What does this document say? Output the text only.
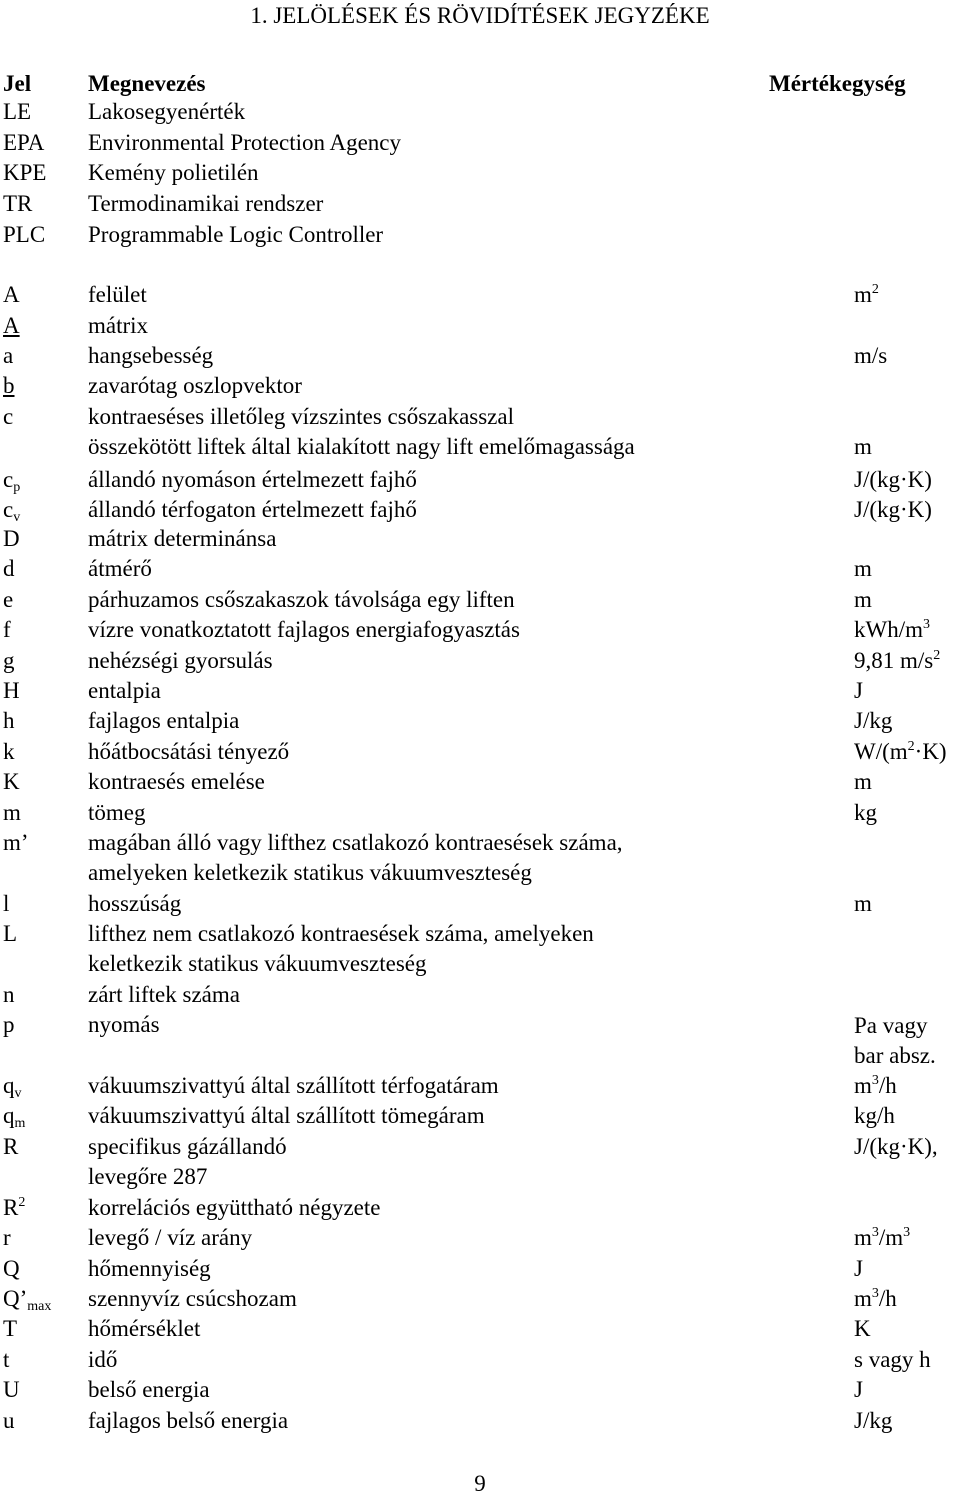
1. JELÖLÉSEK ÉS RÖVIDÍTÉSEK JEGYZÉKE
Jel Megnevezés	Mértékegység
LE Lakosegyenérték
EPA Environmental Protection Agency
KPE Kemény polietilén
TR Termodinamikai rendszer
PLC Programmable Logic Controller
A	felület	$m^2$
A	mátrix
a	hangsebesség	m/s
b	zavarótag oszlopvektor
c	kontraeséses illetőleg vízszintes csőszakasszal
összekötött liftek által kialakított nagy lift emelőmagassága	m
$c_p$	állandó nyomáson értelmezett fajhő	J/(kg·K)
$c_v$	állandó térfogaton értelmezett fajhő	J/(kg·K)
D	mátrix determinánsa
d	átmérő	m
e	párhuzamos csőszakaszok távolsága egy liften	m
f	vízre vonatkoztatott fajlagos energiafogyasztás	kWh/$m^3$
g	nehézségi gyorsulás	9,81 $m/s^2$
H	entalpia	J
h	fajlagos entalpia	J/kg
k	hőátbocsátási tényező	$W/(m^2\cdot K)$
K	kontraesés emelése	m
m	tömeg	kg
m’	magában álló vagy lifthez csatlakozó kontraesések száma,
amelyeken keletkezik statikus vákuumveszteség
l	hosszúság	m
L	lifthez nem csatlakozó kontraesések száma, amelyeken
keletkezik statikus vákuumveszteség
n	zárt liftek száma
p	nyomás	Pa vagy
bar absz.
$q_v$	vákuumszivattyú által szállított térfogatáram	$m^3/h$
$q_m$	vákuumszivattyú által szállított tömegáram	kg/h
R	specifikus gázállandó	J/(kg·K),
levegőre 287
$R^2$	korrelációs együttható négyzete
r	levegő / víz arány	$m^3/m^3$
Q	hőmennyiség	J
$Q’_{max}$ szennyvíz csúcshozam	$m^3/h$
T	hőmérséklet	K
t	idő	s vagy h
U	belső energia	J
u	fajlagos belső energia	J/kg
9
